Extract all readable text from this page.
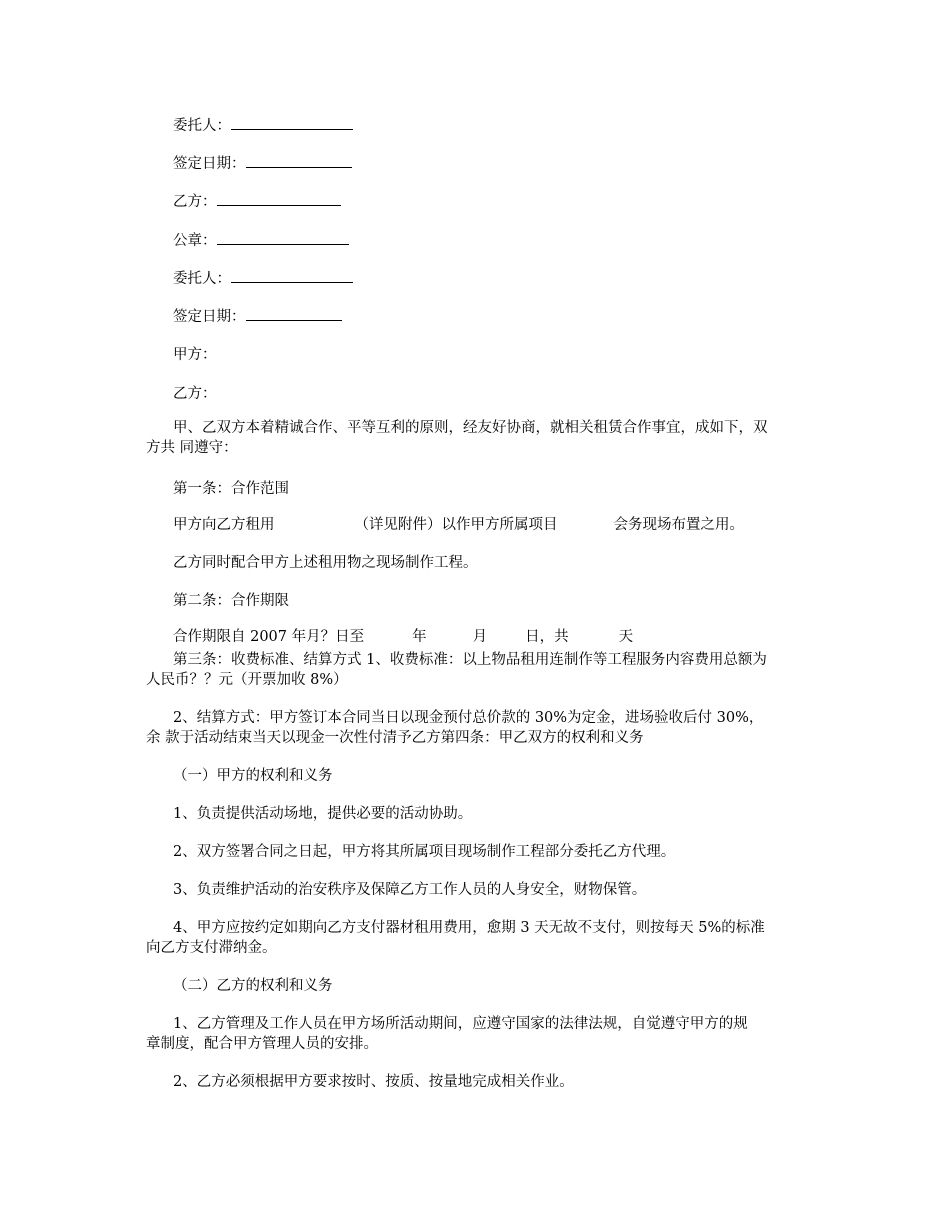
委托人：
签定日期：
乙方：
公章：
委托人：
签定日期：
甲方：
乙方：
甲、乙双方本着精诚合作、平等互利的原则，经友好协商，就相关租赁合作事宜，成如下，双
方共 同遵守：
第一条：合作范围
甲方向乙方租用	（详见附件）以作甲方所属项目	会务现场布置之用。
乙方同时配合甲方上述租用物之现场制作工程。
第二条：合作期限
合作期限自 2007 年月？日至	年	月	日，共	天
第三条：收费标准、结算方式 1、收费标准：以上物品租用连制作等工程服务内容费用总额为
人民币？？元（开票加收 8%）
2、结算方式：甲方签订本合同当日以现金预付总价款的 30%为定金，进场验收后付 30%，
余 款于活动结束当天以现金一次性付清予乙方第四条：甲乙双方的权利和义务
（一）甲方的权利和义务
1、负责提供活动场地，提供必要的活动协助。
2、双方签署合同之日起，甲方将其所属项目现场制作工程部分委托乙方代理。
3、负责维护活动的治安秩序及保障乙方工作人员的人身安全，财物保管。
4、甲方应按约定如期向乙方支付器材租用费用，愈期 3 天无故不支付，则按每天 5%的标准
向乙方支付滞纳金。
（二）乙方的权利和义务
1、乙方管理及工作人员在甲方场所活动期间，应遵守国家的法律法规，自觉遵守甲方的规
章制度，配合甲方管理人员的安排。
2、乙方必须根据甲方要求按时、按质、按量地完成相关作业。
